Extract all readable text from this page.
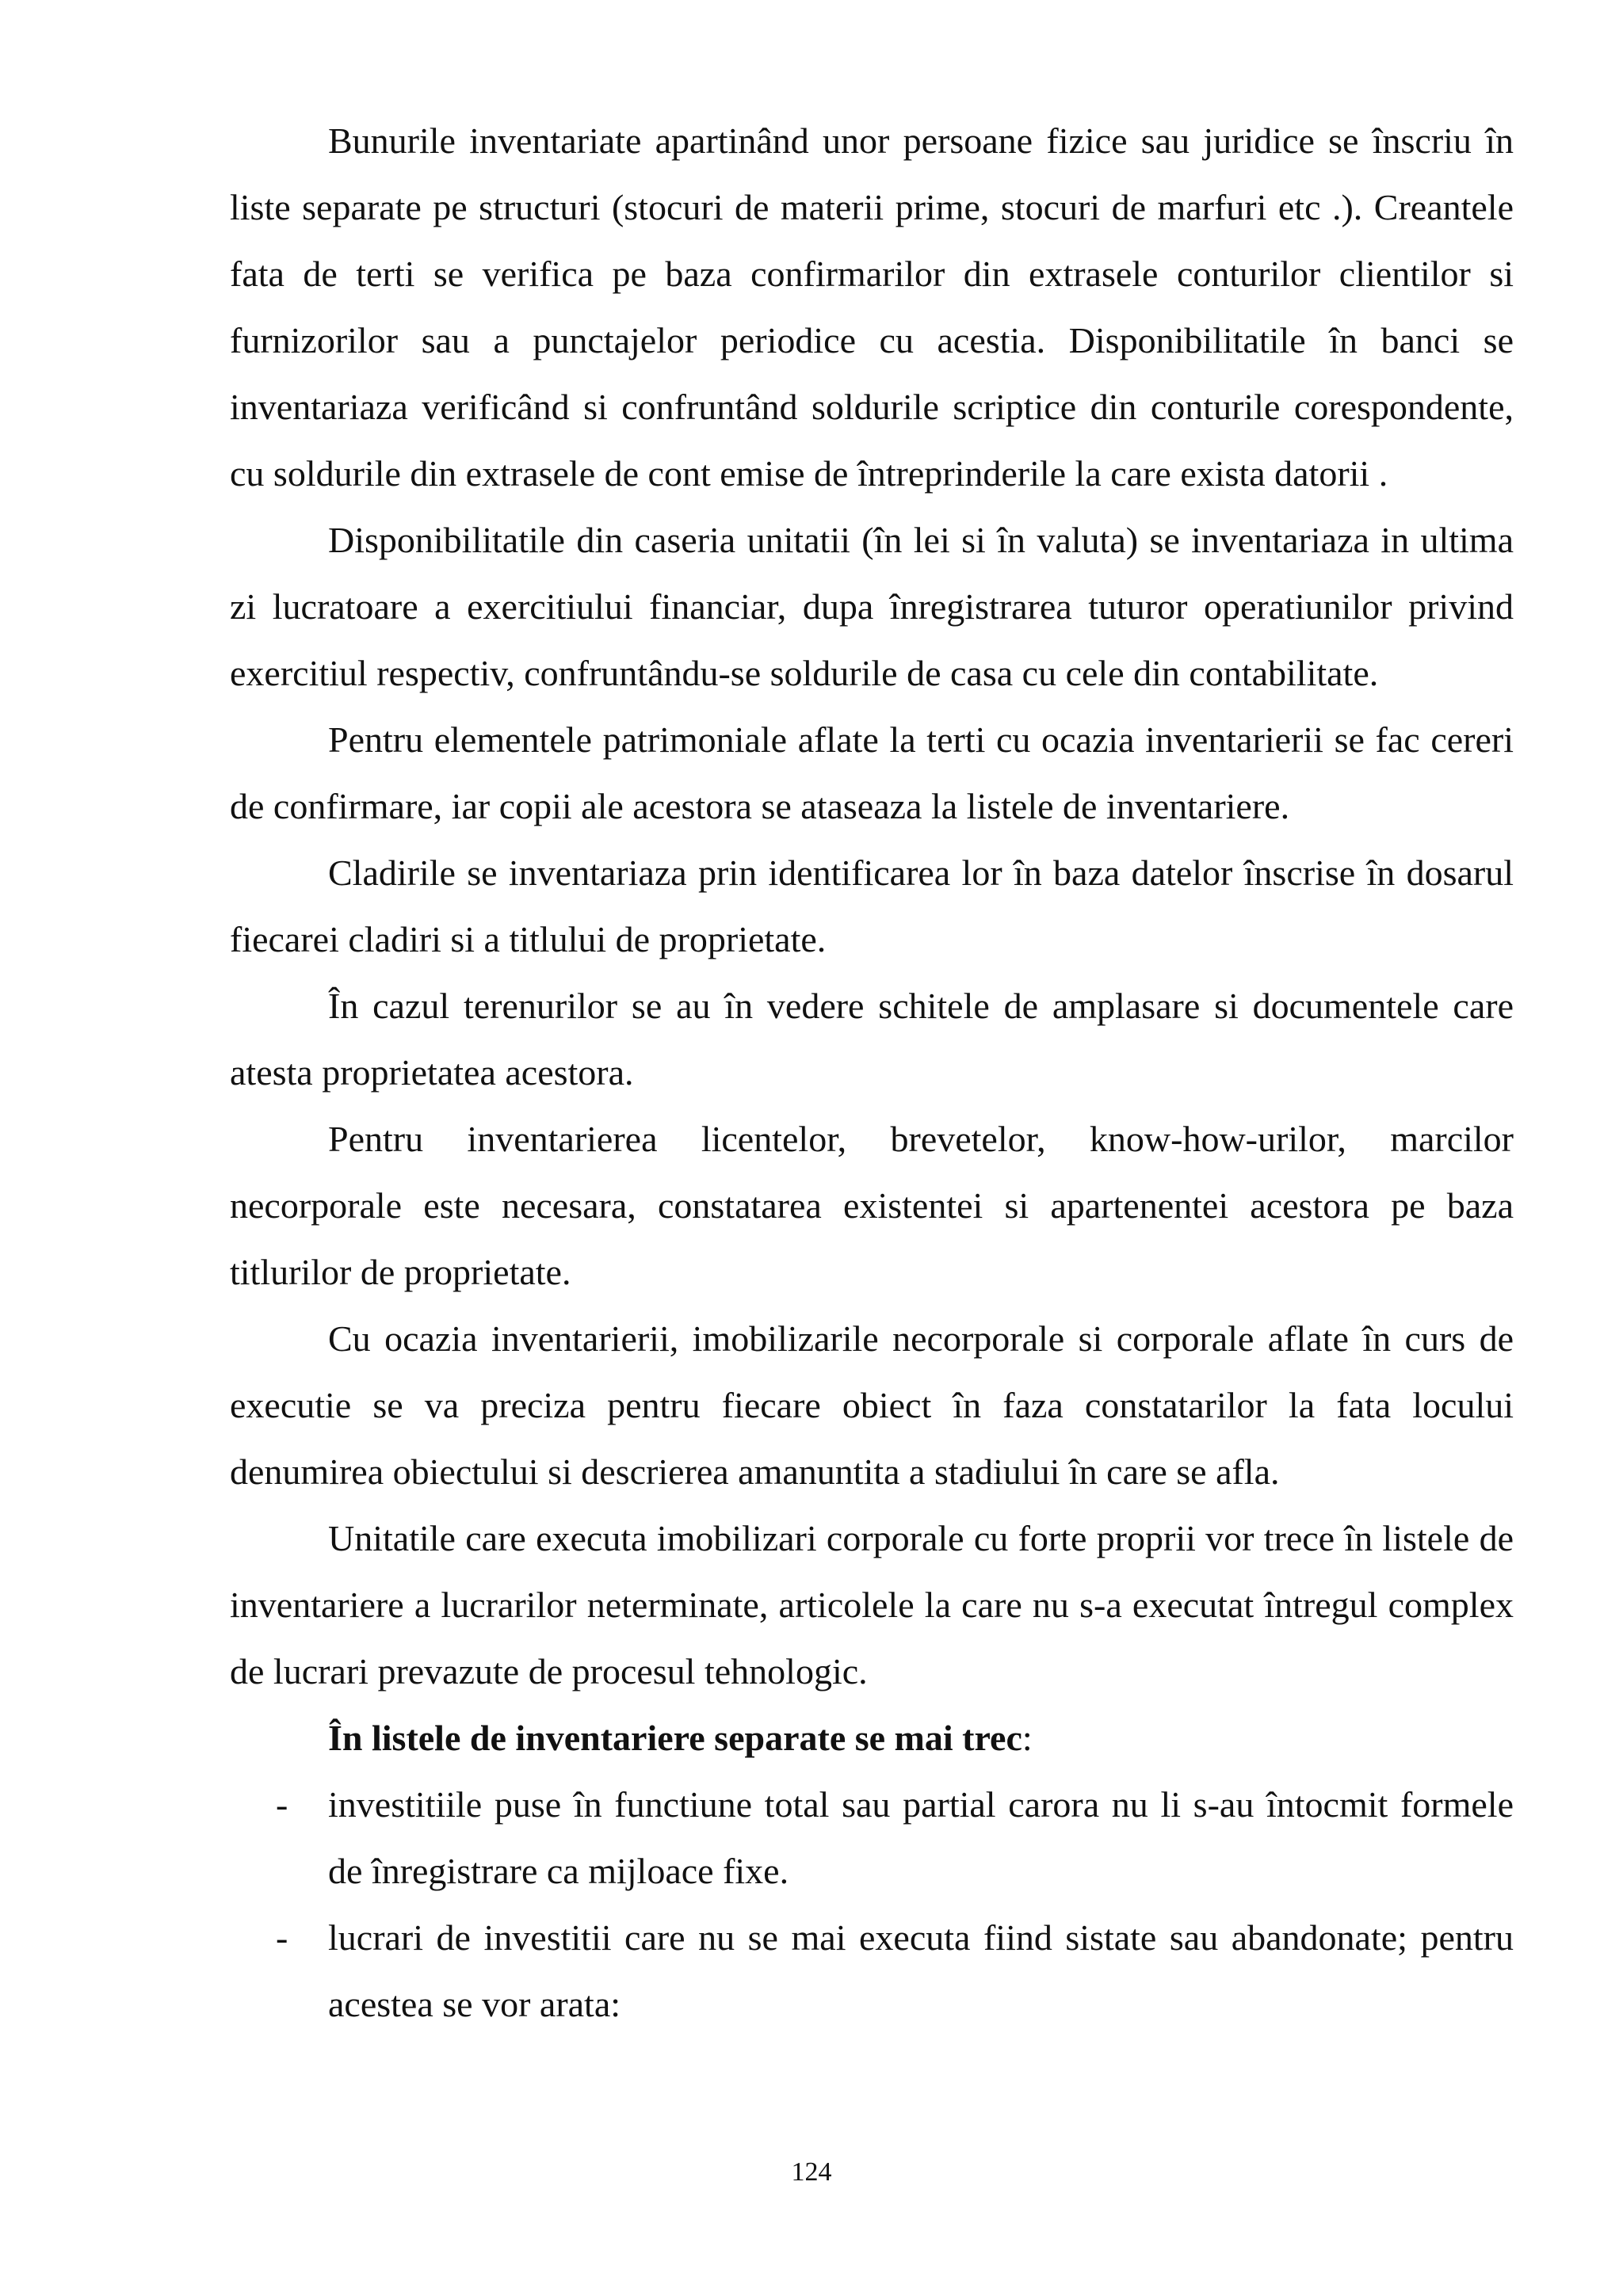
Bunurile inventariate apartinând unor persoane fizice sau juridice se înscriu în liste separate pe structuri (stocuri de materii prime, stocuri de marfuri etc .). Creantele fata de terti se verifica pe baza confirmarilor din extrasele conturilor clientilor si furnizorilor sau a punctajelor periodice cu acestia. Disponibilitatile în banci se inventariaza verificând si confruntând soldurile scriptice din conturile corespondente, cu soldurile din extrasele de cont emise de întreprinderile la care exista datorii .

Disponibilitatile din caseria unitatii (în lei si în valuta) se inventariaza in ultima zi lucratoare a exercitiului financiar, dupa înregistrarea tuturor operatiunilor privind exercitiul respectiv, confruntându-se soldurile de casa cu cele din contabilitate.

Pentru elementele patrimoniale aflate la terti cu ocazia inventarierii se fac cereri de confirmare, iar copii ale acestora se ataseaza la listele de inventariere.

Cladirile se inventariaza prin identificarea lor în baza datelor înscrise în dosarul fiecarei cladiri si a titlului de proprietate.

În cazul terenurilor se au în vedere schitele de amplasare si documentele care atesta proprietatea acestora.

Pentru inventarierea licentelor, brevetelor, know-how-urilor, marcilor necorporale este necesara, constatarea existentei si apartenentei acestora pe baza titlurilor de proprietate.

Cu ocazia inventarierii, imobilizarile necorporale si corporale aflate în curs de executie se va preciza pentru fiecare obiect în faza constatarilor la fata locului denumirea obiectului si descrierea amanuntita a stadiului în care se afla.

Unitatile care executa imobilizari corporale cu forte proprii vor trece în listele de inventariere a lucrarilor neterminate, articolele la care nu s-a executat întregul complex de lucrari prevazute de procesul tehnologic.

În listele de inventariere separate se mai trec:

- investitiile puse în functiune total sau partial carora nu li s-au întocmit formele de înregistrare ca mijloace fixe.
- lucrari de investitii care nu se mai executa fiind sistate sau abandonate; pentru acestea se vor arata:
124
